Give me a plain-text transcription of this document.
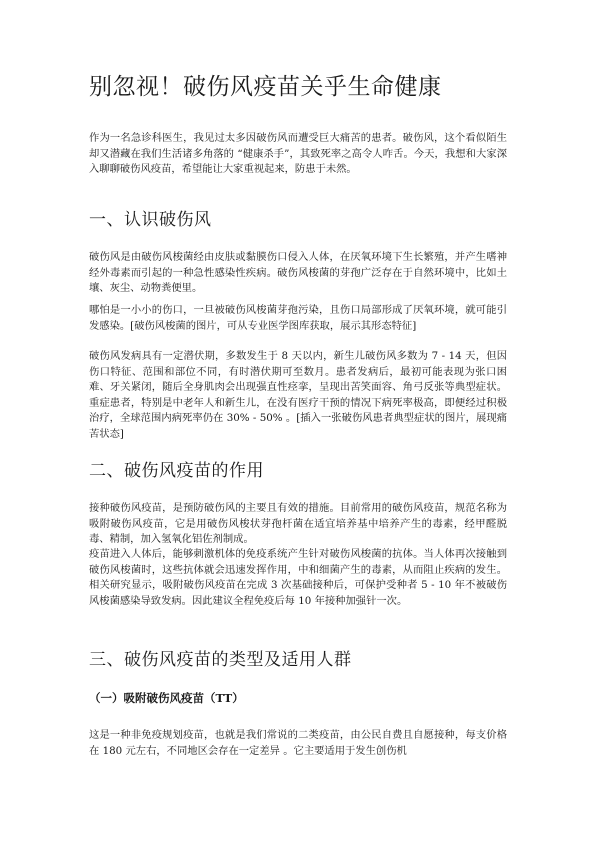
别忽视！破伤风疫苗关乎生命健康

作为一名急诊科医生，我见过太多因破伤风而遭受巨大痛苦的患者。破伤风，这个看似陌生却又潜藏在我们生活诸多角落的 “健康杀手”，其致死率之高令人咋舌。今天，我想和大家深入聊聊破伤风疫苗，希望能让大家重视起来，防患于未然。

一、认识破伤风

破伤风是由破伤风梭菌经由皮肤或黏膜伤口侵入人体，在厌氧环境下生长繁殖，并产生嗜神经外毒素而引起的一种急性感染性疾病。破伤风梭菌的芽孢广泛存在于自然环境中，比如土壤、灰尘、动物粪便里。

哪怕是一小小的伤口，一旦被破伤风梭菌芽孢污染，且伤口局部形成了厌氧环境，就可能引发感染。[破伤风梭菌的图片，可从专业医学图库获取，展示其形态特征]

破伤风发病具有一定潜伏期，多数发生于 8 天以内，新生儿破伤风多数为 7 - 14 天，但因伤口特征、范围和部位不同，有时潜伏期可至数月。患者发病后，最初可能表现为张口困难、牙关紧闭，随后全身肌肉会出现强直性痉挛，呈现出苦笑面容、角弓反张等典型症状。重症患者，特别是中老年人和新生儿，在没有医疗干预的情况下病死率极高，即便经过积极治疗，全球范围内病死率仍在 30% - 50% 。[插入一张破伤风患者典型症状的图片，展现痛苦状态]

二、破伤风疫苗的作用

接种破伤风疫苗，是预防破伤风的主要且有效的措施。目前常用的破伤风疫苗，规范名称为吸附破伤风疫苗，它是用破伤风梭状芽孢杆菌在适宜培养基中培养产生的毒素，经甲醛脱毒、精制，加入氢氧化铝佐剂制成。

疫苗进入人体后，能够刺激机体的免疫系统产生针对破伤风梭菌的抗体。当人体再次接触到破伤风梭菌时，这些抗体就会迅速发挥作用，中和细菌产生的毒素，从而阻止疾病的发生。相关研究显示，吸附破伤风疫苗在完成 3 次基础接种后，可保护受种者 5 - 10 年不被破伤风梭菌感染导致发病。因此建议全程免疫后每 10 年接种加强针一次。

三、破伤风疫苗的类型及适用人群
（一）吸附破伤风疫苗（TT）

这是一种非免疫规划疫苗，也就是我们常说的二类疫苗，由公民自费且自愿接种，每支价格在 180 元左右，不同地区会存在一定差异 。它主要适用于发生创伤机
